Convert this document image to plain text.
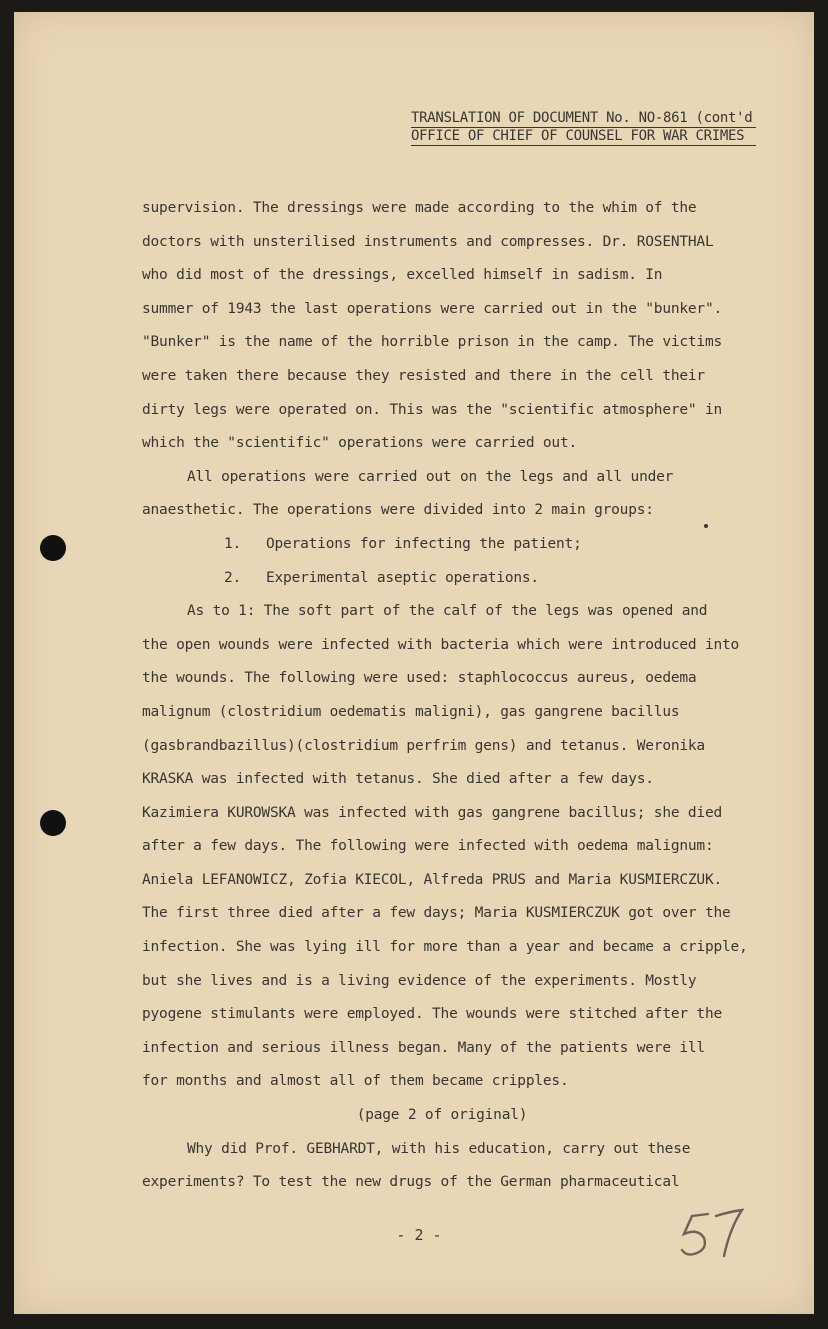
TRANSLATION OF DOCUMENT No. NO-861 (cont'd
OFFICE OF CHIEF OF COUNSEL FOR WAR CRIMES
supervision. The dressings were made according to the whim of the
doctors with unsterilised instruments and compresses. Dr. ROSENTHAL
who did most of the dressings, excelled himself in sadism. In
summer of 1943 the last operations were carried out in the "bunker".
"Bunker" is the name of the horrible prison in the camp. The victims
were taken there because they resisted and there in the cell their
dirty legs were operated on. This was the "scientific atmosphere" in
which the "scientific" operations were carried out.
All operations were carried out on the legs and all under
anaesthetic. The operations were divided into 2 main groups:
1. Operations for infecting the patient;
2. Experimental aseptic operations.
As to 1: The soft part of the calf of the legs was opened and
the open wounds were infected with bacteria which were introduced into
the wounds. The following were used: staphlococcus aureus, oedema
malignum (clostridium oedematis maligni), gas gangrene bacillus
(gasbrandbazillus)(clostridium perfrim gens) and tetanus. Weronika
KRASKA was infected with tetanus. She died after a few days.
Kazimiera KUROWSKA was infected with gas gangrene bacillus; she died
after a few days. The following were infected with oedema malignum:
Aniela LEFANOWICZ, Zofia KIECOL, Alfreda PRUS and Maria KUSMIERCZUK.
The first three died after a few days; Maria KUSMIERCZUK got over the
infection. She was lying ill for more than a year and became a cripple,
but she lives and is a living evidence of the experiments. Mostly
pyogene stimulants were employed. The wounds were stitched after the
infection and serious illness began. Many of the patients were ill
for months and almost all of them became cripples.
(page 2 of original)
Why did Prof. GEBHARDT, with his education, carry out these
experiments? To test the new drugs of the German pharmaceutical
- 2 -
